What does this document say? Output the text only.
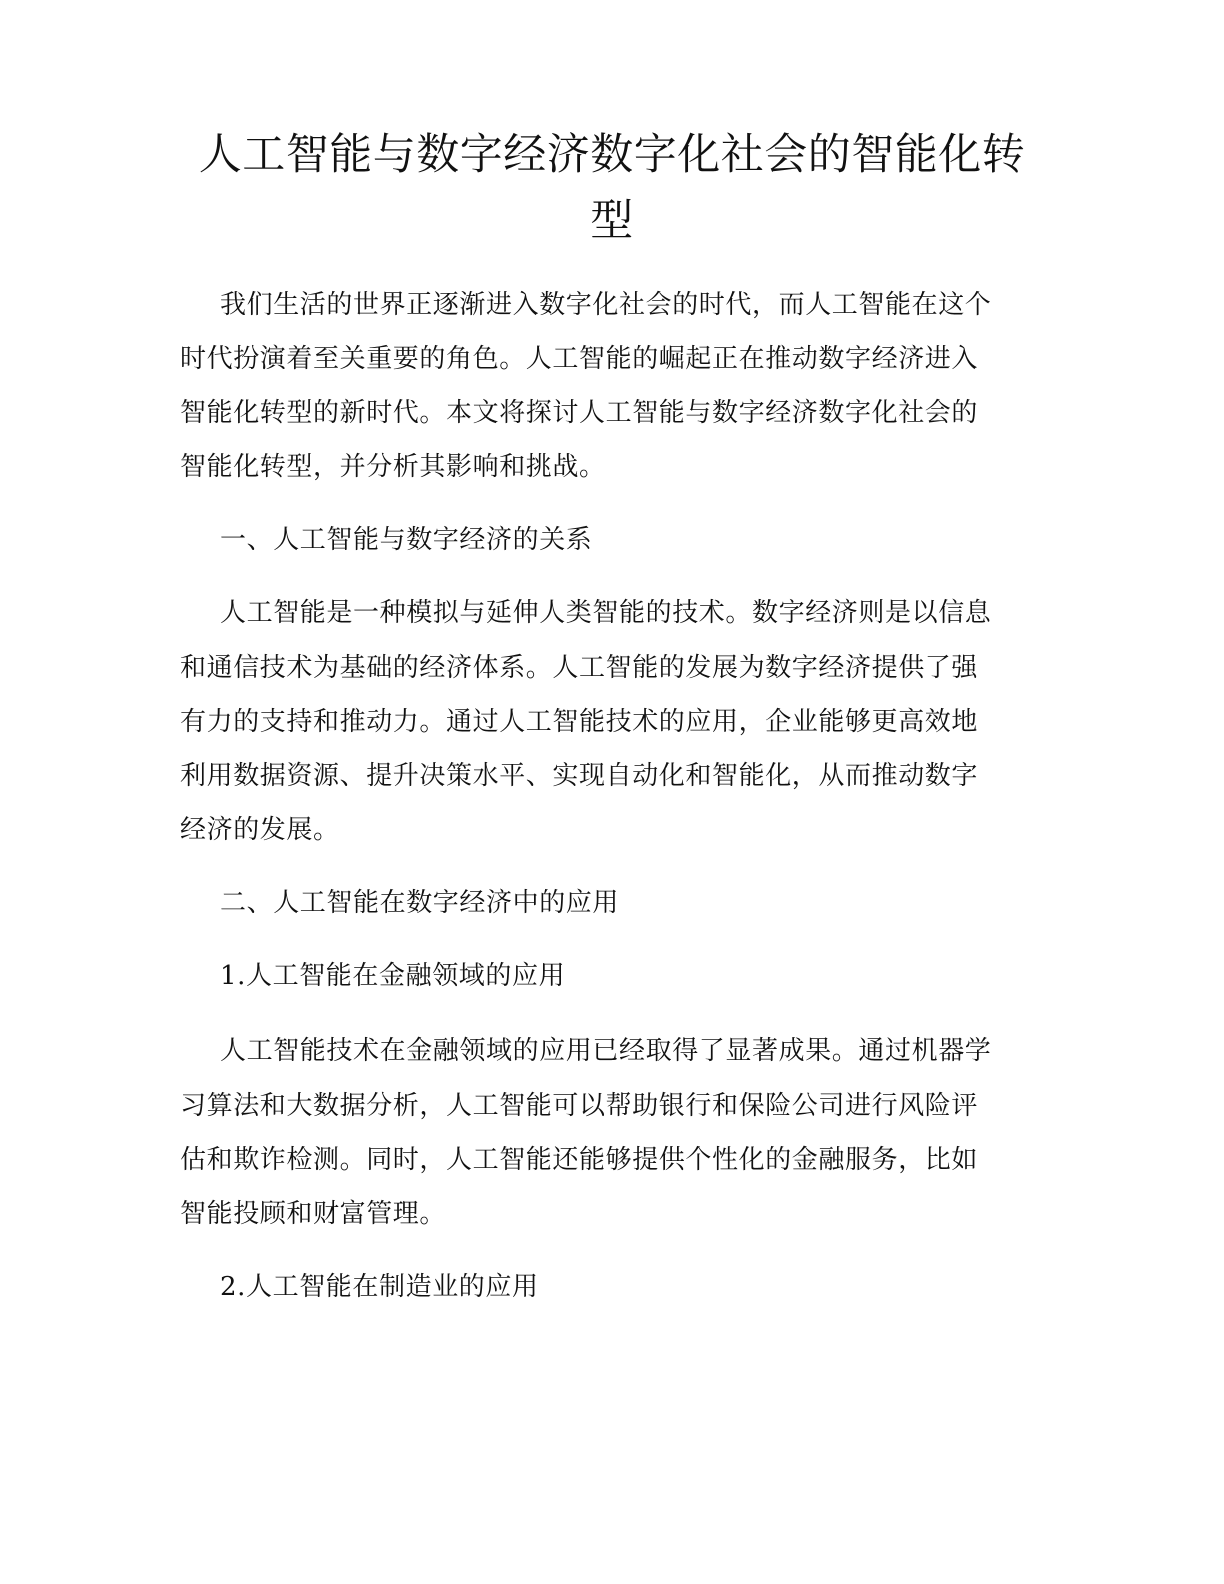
人工智能与数字经济数字化社会的智能化转型

我们生活的世界正逐渐进入数字化社会的时代，而人工智能在这个

时代扮演着至关重要的角色。人工智能的崛起正在推动数字经济进入

智能化转型的新时代。本文将探讨人工智能与数字经济数字化社会的

智能化转型，并分析其影响和挑战。

一、人工智能与数字经济的关系

人工智能是一种模拟与延伸人类智能的技术。数字经济则是以信息

和通信技术为基础的经济体系。人工智能的发展为数字经济提供了强

有力的支持和推动力。通过人工智能技术的应用，企业能够更高效地

利用数据资源、提升决策水平、实现自动化和智能化，从而推动数字

经济的发展。

二、人工智能在数字经济中的应用

1.人工智能在金融领域的应用

人工智能技术在金融领域的应用已经取得了显著成果。通过机器学

习算法和大数据分析，人工智能可以帮助银行和保险公司进行风险评

估和欺诈检测。同时，人工智能还能够提供个性化的金融服务，比如

智能投顾和财富管理。

2.人工智能在制造业的应用
